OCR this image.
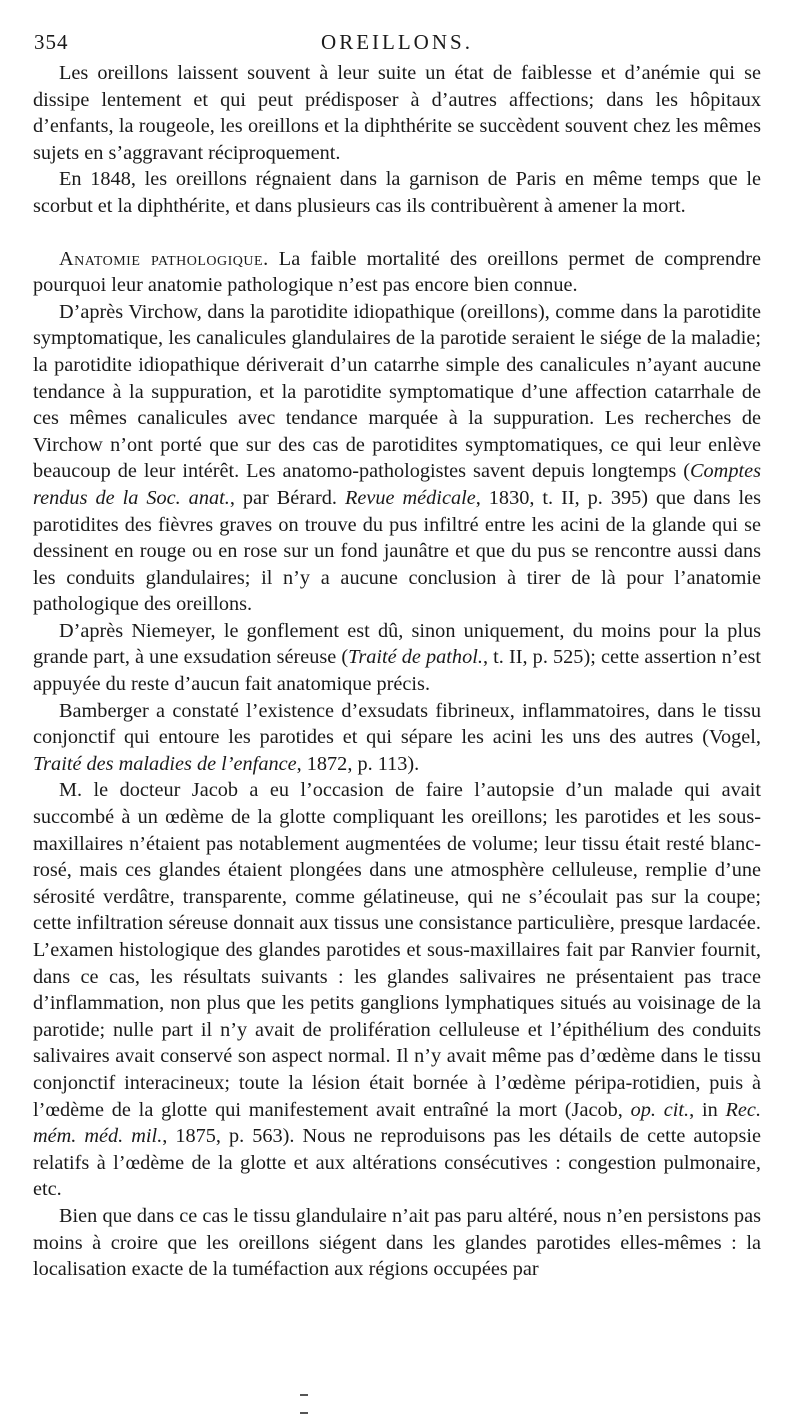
354	OREILLONS.

Les oreillons laissent souvent à leur suite un état de faiblesse et d’anémie qui se dissipe lentement et qui peut prédisposer à d’autres affections; dans les hôpitaux d’enfants, la rougeole, les oreillons et la diphthérite se succèdent souvent chez les mêmes sujets en s’aggravant réciproquement.

En 1848, les oreillons régnaient dans la garnison de Paris en même temps que le scorbut et la diphthérite, et dans plusieurs cas ils contribuèrent à amener la mort.

Anatomie pathologique. La faible mortalité des oreillons permet de comprendre pourquoi leur anatomie pathologique n’est pas encore bien connue.

D’après Virchow, dans la parotidite idiopathique (oreillons), comme dans la parotidite symptomatique, les canalicules glandulaires de la parotide seraient le siége de la maladie; la parotidite idiopathique dériverait d’un catarrhe simple des canalicules n’ayant aucune tendance à la suppuration, et la parotidite symptomatique d’une affection catarrhale de ces mêmes canalicules avec tendance marquée à la suppuration. Les recherches de Virchow n’ont porté que sur des cas de parotidites symptomatiques, ce qui leur enlève beaucoup de leur intérêt. Les anatomo-pathologistes savent depuis longtemps (Comptes rendus de la Soc. anat., par Bérard. Revue médicale, 1830, t. II, p. 395) que dans les parotidites des fièvres graves on trouve du pus infiltré entre les acini de la glande qui se dessinent en rouge ou en rose sur un fond jaunâtre et que du pus se rencontre aussi dans les conduits glandulaires; il n’y a aucune conclusion à tirer de là pour l’anatomie pathologique des oreillons.

D’après Niemeyer, le gonflement est dû, sinon uniquement, du moins pour la plus grande part, à une exsudation séreuse (Traité de pathol., t. II, p. 525); cette assertion n’est appuyée du reste d’aucun fait anatomique précis.

Bamberger a constaté l’existence d’exsudats fibrineux, inflammatoires, dans le tissu conjonctif qui entoure les parotides et qui sépare les acini les uns des autres (Vogel, Traité des maladies de l’enfance, 1872, p. 113).

M. le docteur Jacob a eu l’occasion de faire l’autopsie d’un malade qui avait succombé à un œdème de la glotte compliquant les oreillons; les parotides et les sous-maxillaires n’étaient pas notablement augmentées de volume; leur tissu était resté blanc-rosé, mais ces glandes étaient plongées dans une atmosphère celluleuse, remplie d’une sérosité verdâtre, transparente, comme gélatineuse, qui ne s’écoulait pas sur la coupe; cette infiltration séreuse donnait aux tissus une consistance particulière, presque lardacée. L’examen histologique des glandes parotides et sous-maxillaires fait par Ranvier fournit, dans ce cas, les résultats suivants : les glandes salivaires ne présentaient pas trace d’inflammation, non plus que les petits ganglions lymphatiques situés au voisinage de la parotide; nulle part il n’y avait de prolifération celluleuse et l’épithélium des conduits salivaires avait conservé son aspect normal. Il n’y avait même pas d’œdème dans le tissu conjonctif interacineux; toute la lésion était bornée à l’œdème péripa-rotidien, puis à l’œdème de la glotte qui manifestement avait entraîné la mort (Jacob, op. cit., in Rec. mém. méd. mil., 1875, p. 563). Nous ne reproduisons pas les détails de cette autopsie relatifs à l’œdème de la glotte et aux altérations consécutives : congestion pulmonaire, etc.

Bien que dans ce cas le tissu glandulaire n’ait pas paru altéré, nous n’en persistons pas moins à croire que les oreillons siégent dans les glandes parotides elles-mêmes : la localisation exacte de la tuméfaction aux régions occupées par
